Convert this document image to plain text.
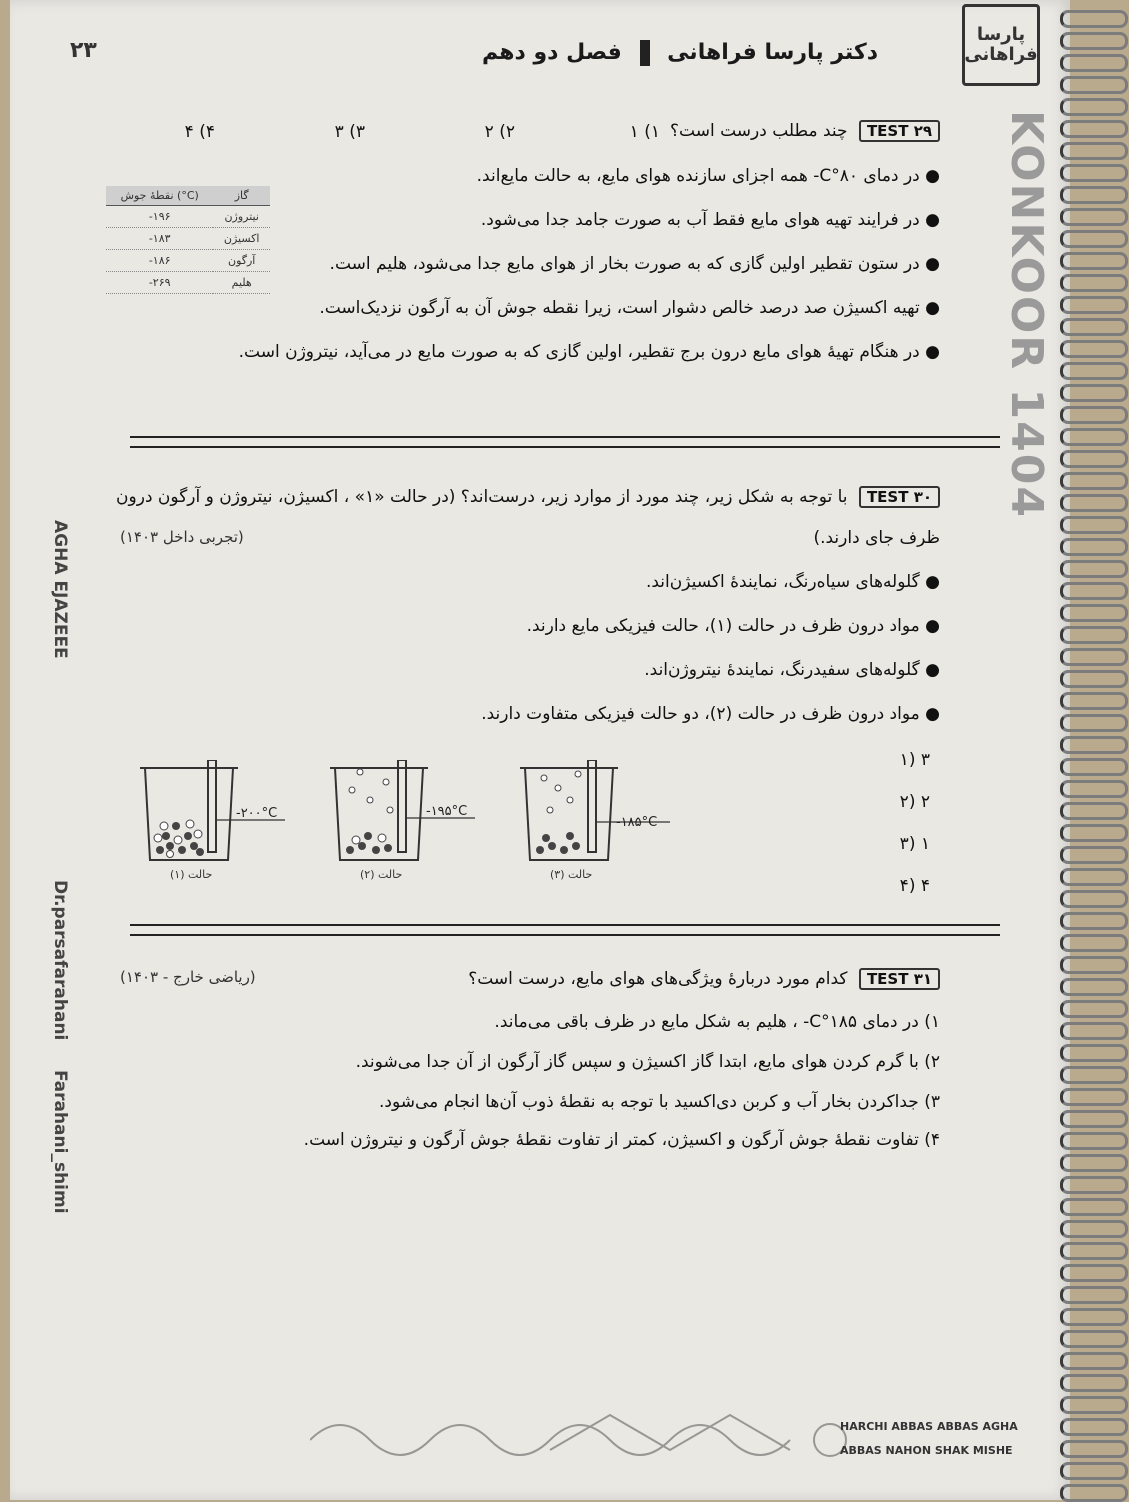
۲۳	دکتر پارسا فراهانی  فصل دو دهم
پارسا فراهانی
KONKOOR 1404
AGHA EJAZEEE
Dr.parsafarahani
Farahani_shimi
TEST ۲۹ چند مطلب درست است؟
۱) ۱
۲) ۲
۳) ۳
۴) ۴
● در دمای ۸۰°C- همه اجزای سازنده هوای مایع، به حالت مایع‌اند.
● در فرایند تهیه هوای مایع فقط آب به صورت جامد جدا می‌شود.
● در ستون تقطیر اولین گازی که به صورت بخار از هوای مایع جدا می‌شود، هلیم است.
● تهیه اکسیژن صد درصد خالص دشوار است، زیرا نقطه جوش آن به آرگون نزدیک‌است.
● در هنگام تهیهٔ هوای مایع درون برج تقطیر، اولین گازی که به صورت مایع در می‌آید، نیتروژن است.
نقطهٔ جوش (°C)	گاز
-۱۹۶	نیتروژن
-۱۸۳	اکسیژن
-۱۸۶	آرگون
-۲۶۹	هلیم
TEST ۳۰ با توجه به شکل زیر، چند مورد از موارد زیر، درست‌اند؟ (در حالت «۱» ، اکسیژن، نیتروژن و آرگون درون
ظرف جای دارند.)
(تجربی داخل ۱۴۰۳)
● گلوله‌های سیاه‌رنگ، نمایندهٔ اکسیژن‌اند.
● مواد درون ظرف در حالت (۱)، حالت فیزیکی مایع دارند.
● گلوله‌های سفیدرنگ، نمایندهٔ نیتروژن‌اند.
● مواد درون ظرف در حالت (۲)، دو حالت فیزیکی متفاوت دارند.
۳ (۱
۲ (۲
۱ (۳
۴ (۴
-۲۰۰°C
حالت (۱)
-۱۹۵°C
حالت (۲)
-۱۸۵°C
حالت (۳)
TEST ۳۱ کدام مورد دربارهٔ ویژگی‌های هوای مایع، درست است؟
(ریاضی خارج - ۱۴۰۳)
۱) در دمای ۱۸۵°C- ، هلیم به شکل مایع در ظرف باقی می‌ماند.
۲) با گرم کردن هوای مایع، ابتدا گاز اکسیژن و سپس گاز آرگون از آن جدا می‌شوند.
۳) جداکردن بخار آب و کربن دی‌اکسید با توجه به نقطهٔ ذوب آن‌ها انجام می‌شود.
۴) تفاوت نقطهٔ جوش آرگون و اکسیژن، کمتر از تفاوت نقطهٔ جوش آرگون و نیتروژن است.
HARCHI ABBAS ABBAS AGHA
ABBAS NAHON SHAK MISHE
